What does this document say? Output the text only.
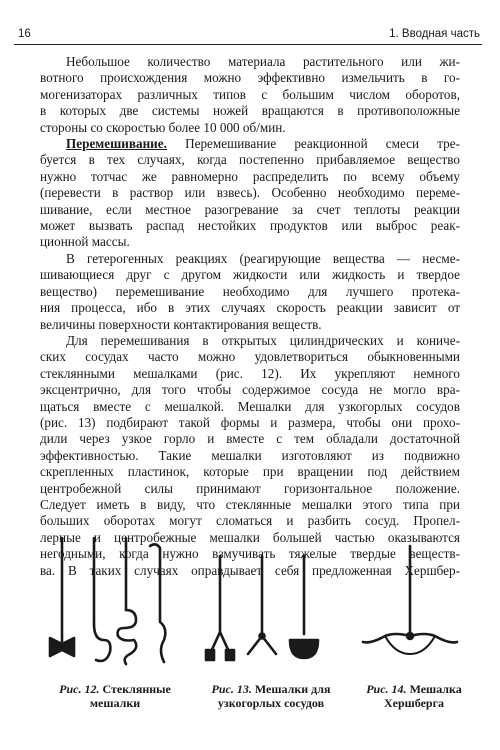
16	1. Вводная часть

Небольшое количество материала растительного или жи-
вотного происхождения можно эффективно измельчить в го-
могенизаторах различных типов с большим числом оборотов,
в которых две системы ножей вращаются в противоположные
стороны со скоростью более 10 000 об/мин.

Перемешивание. Перемешивание реакционной смеси тре-
буется в тех случаях, когда постепенно прибавляемое вещество
нужно тотчас же равномерно распределить по всему объему
(перевести в раствор или взвесь). Особенно необходимо переме-
шивание, если местное разогревание за счет теплоты реакции
может вызвать распад нестойких продуктов или выброс реак-
ционной массы.

В гетерогенных реакциях (реагирующие вещества — несме-
шивающиеся друг с другом жидкости или жидкость и твердое
вещество) перемешивание необходимо для лучшего протека-
ния процесса, ибо в этих случаях скорость реакции зависит от
величины поверхности контактирования веществ.

Для перемешивания в открытых цилиндрических и кониче-
ских сосудах часто можно удовлетвориться обыкновенными
стеклянными мешалками (рис. 12). Их укрепляют немного
эксцентрично, для того чтобы содержимое сосуда не могло вра-
щаться вместе с мешалкой. Мешалки для узкогорлых сосудов
(рис. 13) подбирают такой формы и размера, чтобы они прохо-
дили через узкое горло и вместе с тем обладали достаточной
эффективностью. Такие мешалки изготовляют из подвижно
скрепленных пластинок, которые при вращении под действием
центробежной силы принимают горизонтальное положение.
Следует иметь в виду, что стеклянные мешалки этого типа при
больших оборотах могут сломаться и разбить сосуд. Пропел-
лерные и центробежные мешалки большей частью оказываются
негодными, когда нужно взмучивать тяжелые твердые веществ-
ва. В таких случаях оправдывает себя предложенная Хершбер-

Рис. 12. Стеклянные
мешалки
Рис. 13. Мешалки для
узкогорлых сосудов
Рис. 14. Мешалка
Хершберга
